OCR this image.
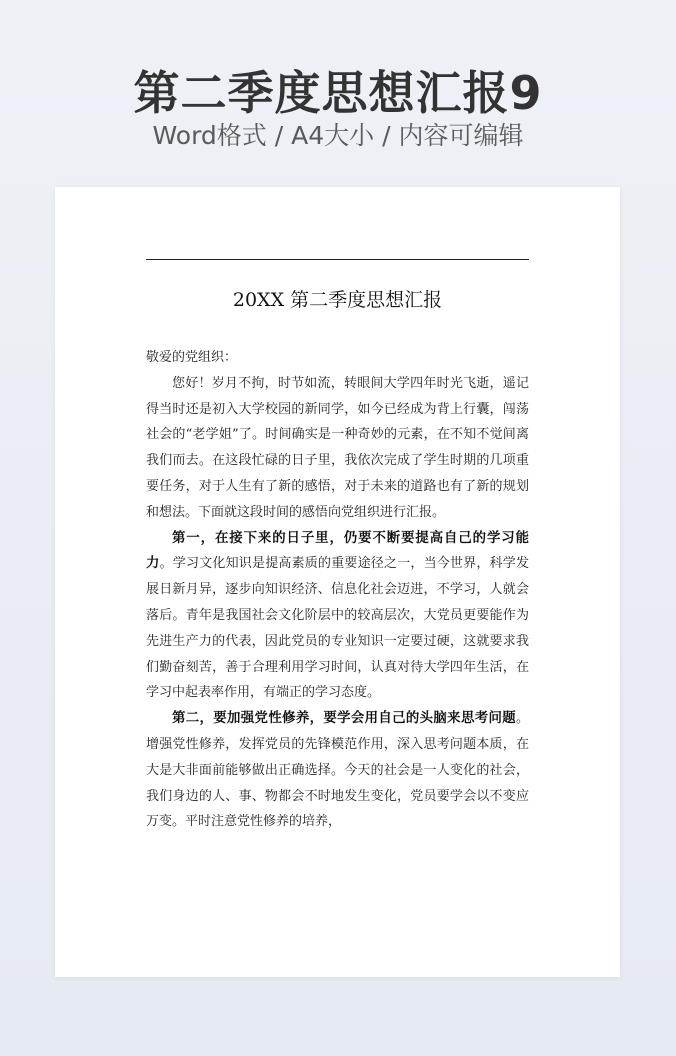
第二季度思想汇报9
Word格式 / A4大小 / 内容可编辑
20XX 第二季度思想汇报

敬爱的党组织：

您好！岁月不拘，时节如流，转眼间大学四年时光飞逝，遥记得当时还是初入大学校园的新同学，如今已经成为背上行囊，闯荡社会的“老学姐”了。时间确实是一种奇妙的元素，在不知不觉间离我们而去。在这段忙碌的日子里，我依次完成了学生时期的几项重要任务，对于人生有了新的感悟，对于未来的道路也有了新的规划和想法。下面就这段时间的感悟向党组织进行汇报。

第一，在接下来的日子里，仍要不断要提高自己的学习能力。学习文化知识是提高素质的重要途径之一，当今世界，科学发展日新月异，逐步向知识经济、信息化社会迈进，不学习，人就会落后。青年是我国社会文化阶层中的较高层次，大党员更要能作为先进生产力的代表，因此党员的专业知识一定要过硬，这就要求我们勤奋刻苦，善于合理利用学习时间，认真对待大学四年生活，在学习中起表率作用，有端正的学习态度。

第二，要加强党性修养，要学会用自己的头脑来思考问题。增强党性修养，发挥党员的先锋模范作用，深入思考问题本质，在大是大非面前能够做出正确选择。今天的社会是一人变化的社会，我们身边的人、事、物都会不时地发生变化，党员要学会以不变应万变。平时注意党性修养的培养，
